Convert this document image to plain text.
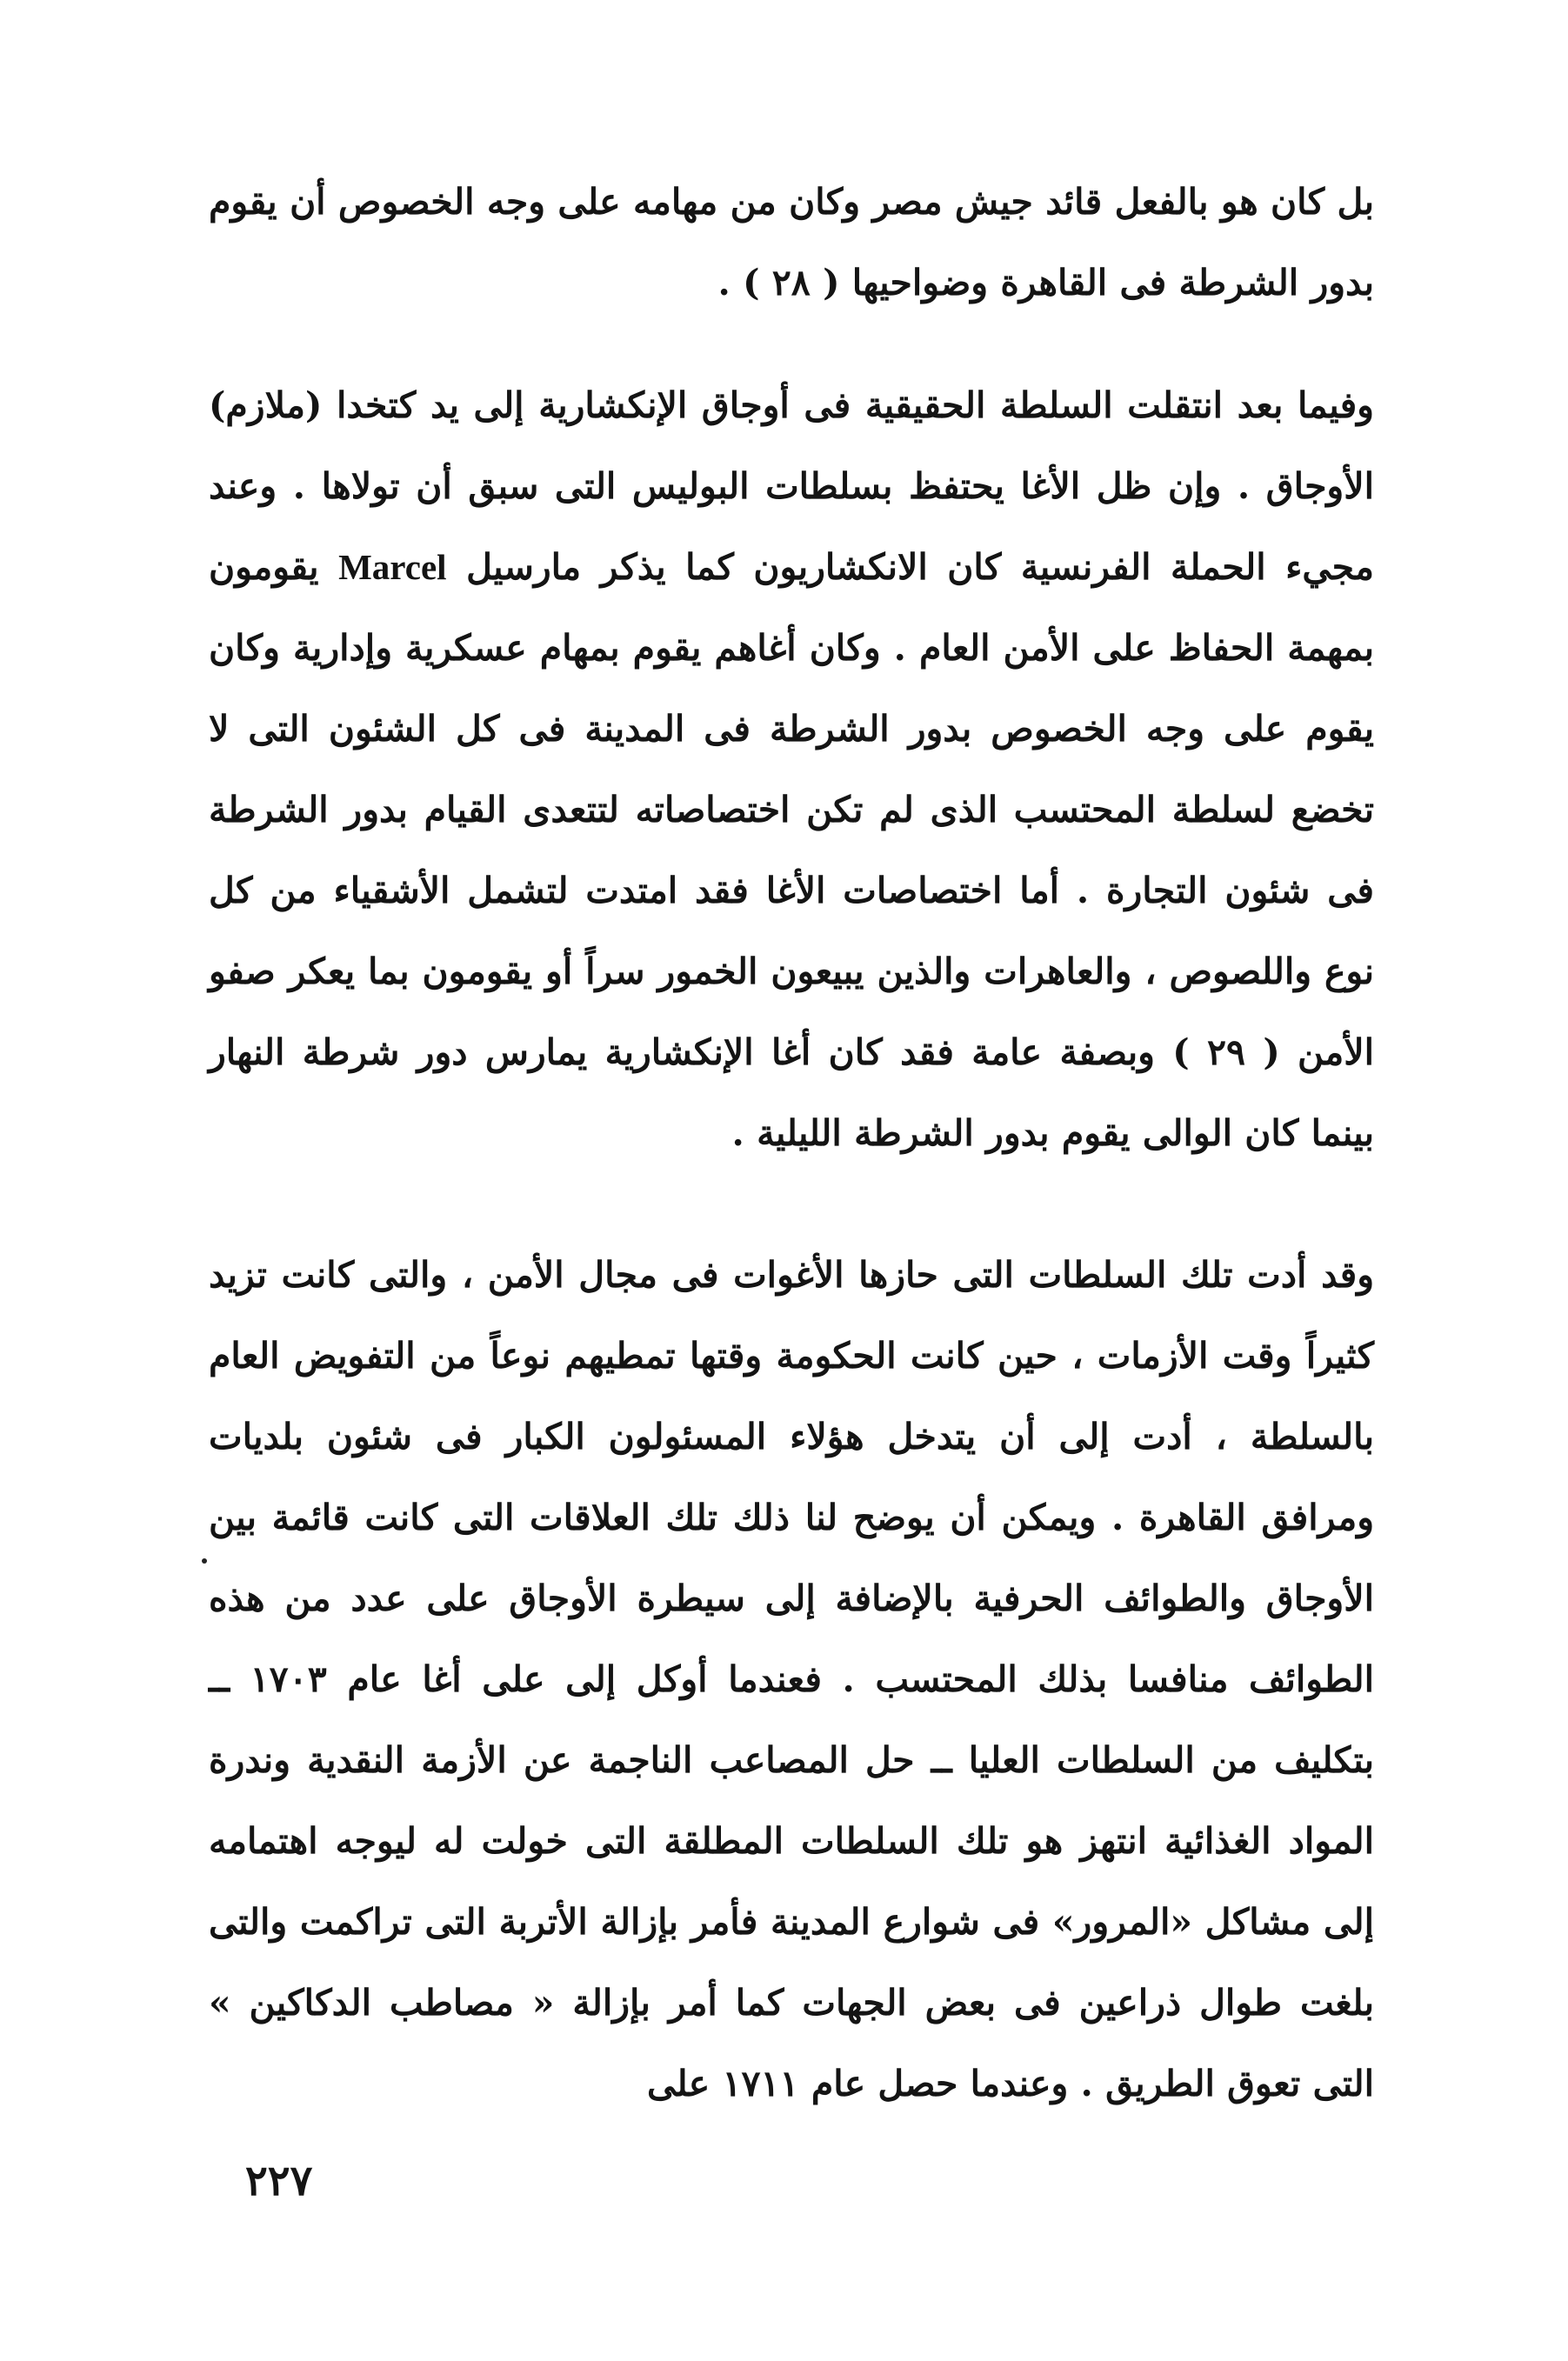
بل كان هو بالفعل قائد جيش مصر وكان من مهامه على وجه الخصوص أن يقوم بدور الشرطة فى القاهرة وضواحيها ( ٢٨ ) .

وفيما بعد انتقلت السلطة الحقيقية فى أوجاق الإنكشارية إلى يد كتخدا (ملازم) الأوجاق . وإن ظل الأغا يحتفظ بسلطات البوليس التى سبق أن تولاها . وعند مجيء الحملة الفرنسية كان الانكشاريون كما يذكر مارسيل Marcel يقومون بمهمة الحفاظ على الأمن العام . وكان أغاهم يقوم بمهام عسكرية وإدارية وكان يقوم على وجه الخصوص بدور الشرطة فى المدينة فى كل الشئون التى لا تخضع لسلطة المحتسب الذى لم تكن اختصاصاته لتتعدى القيام بدور الشرطة فى شئون التجارة . أما اختصاصات الأغا فقد امتدت لتشمل الأشقياء من كل نوع واللصوص ، والعاهرات والذين يبيعون الخمور سراً أو يقومون بما يعكر صفو الأمن ( ٢٩ ) وبصفة عامة فقد كان أغا الإنكشارية يمارس دور شرطة النهار بينما كان الوالى يقوم بدور الشرطة الليلية .

وقد أدت تلك السلطات التى حازها الأغوات فى مجال الأمن ، والتى كانت تزيد كثيراً وقت الأزمات ، حين كانت الحكومة وقتها تمطيهم نوعاً من التفويض العام بالسلطة ، أدت إلى أن يتدخل هؤلاء المسئولون الكبار فى شئون بلديات ومرافق القاهرة . ويمكن أن يوضح لنا ذلك تلك العلاقات التى كانت قائمة بين الأوجاق والطوائف الحرفية بالإضافة إلى سيطرة الأوجاق على عدد من هذه الطوائف منافسا بذلك المحتسب . فعندما أوكل إلى على أغا عام ١٧٠٣ ــ بتكليف من السلطات العليا ــ حل المصاعب الناجمة عن الأزمة النقدية وندرة المواد الغذائية انتهز هو تلك السلطات المطلقة التى خولت له ليوجه اهتمامه إلى مشاكل «المرور» فى شوارع المدينة فأمر بإزالة الأتربة التى تراكمت والتى بلغت طوال ذراعين فى بعض الجهات كما أمر بإزالة « مصاطب الدكاكين » التى تعوق الطريق . وعندما حصل عام ١٧١١ على

٢٢٧
